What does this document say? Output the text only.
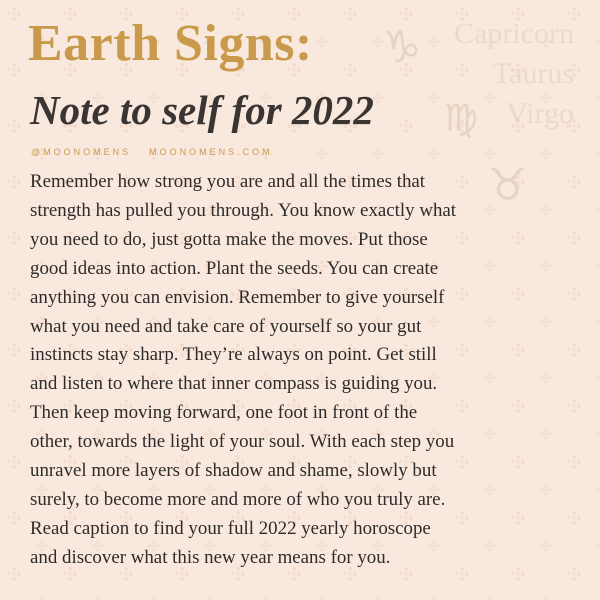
Capricorn
Taurus
Virgo
♑
♍
♉
Earth Signs:
Note to self for 2022
@MOONOMENS MOONOMENS.COM
Remember how strong you are and all the times that
strength has pulled you through. You know exactly what
you need to do, just gotta make the moves. Put those
good ideas into action. Plant the seeds. You can create
anything you can envision. Remember to give yourself
what you need and take care of yourself so your gut
instincts stay sharp. They’re always on point. Get still
and listen to where that inner compass is guiding you.
Then keep moving forward, one foot in front of the
other, towards the light of your soul. With each step you
unravel more layers of shadow and shame, slowly but
surely, to become more and more of who you truly are.
Read caption to find your full 2022 yearly horoscope
and discover what this new year means for you.
